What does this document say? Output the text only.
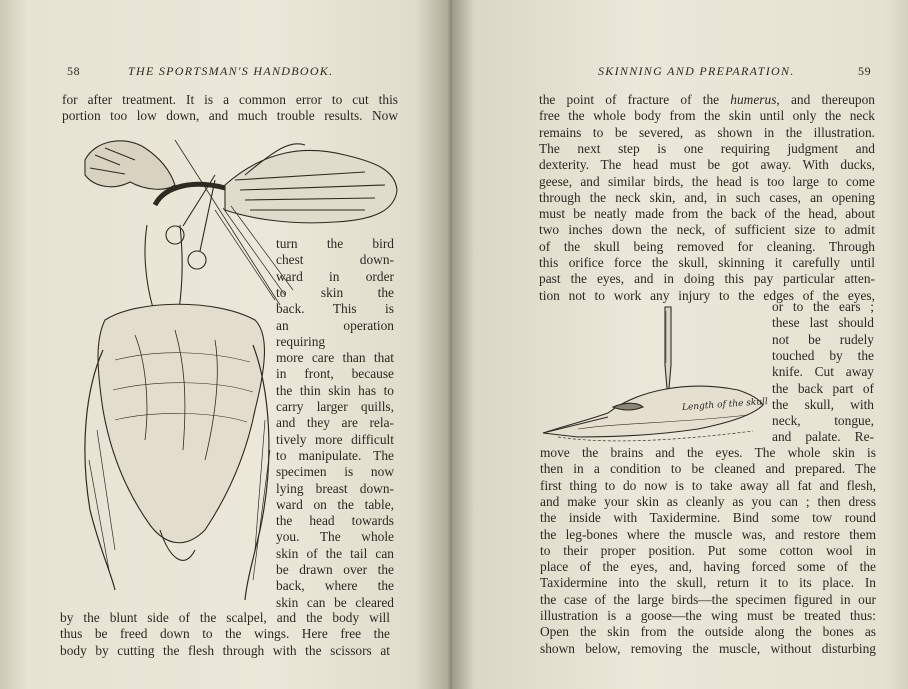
58	THE SPORTSMAN'S HANDBOOK.
for after treatment. It is a common error to cut this
portion too low down, and much trouble results. Now
turn the bird
chest down-
ward in order
to skin the
back. This is
an operation
requiring
more care than that
in front, because
the thin skin has to
carry larger quills,
and they are rela-
tively more difficult
to manipulate. The
specimen is now
lying breast down-
ward on the table,
the head towards
you. The whole
skin of the tail can
be drawn over the
back, where the
skin can be cleared
by the blunt side of the scalpel, and the body will
thus be freed down to the wings. Here free the
body by cutting the flesh through with the scissors at
SKINNING AND PREPARATION.	59
the point of fracture of the humerus, and thereupon
free the whole body from the skin until only the neck
remains to be severed, as shown in the illustration.
The next step is one requiring judgment and
dexterity. The head must be got away. With ducks,
geese, and similar birds, the head is too large to come
through the neck skin, and, in such cases, an opening
must be neatly made from the back of the head, about
two inches down the neck, of sufficient size to admit
of the skull being removed for cleaning. Through
this orifice force the skull, skinning it carefully until
past the eyes, and in doing this pay particular atten-
tion not to work any injury to the edges of the eyes,
or to the ears ;
these last should
not be rudely
touched by the
knife. Cut away
the back part of
the skull, with
neck, tongue,
and palate. Re-
move the brains and the eyes. The whole skin is
then in a condition to be cleaned and prepared. The
first thing to do now is to take away all fat and flesh,
and make your skin as cleanly as you can ; then dress
the inside with Taxidermine. Bind some tow round
the leg-bones where the muscle was, and restore them
to their proper position. Put some cotton wool in
place of the eyes, and, having forced some of the
Taxidermine into the skull, return it to its place. In
the case of the large birds—the specimen figured in our
illustration is a goose—the wing must be treated thus:
Open the skin from the outside along the bones as
shown below, removing the muscle, without disturbing
Length of the skull
